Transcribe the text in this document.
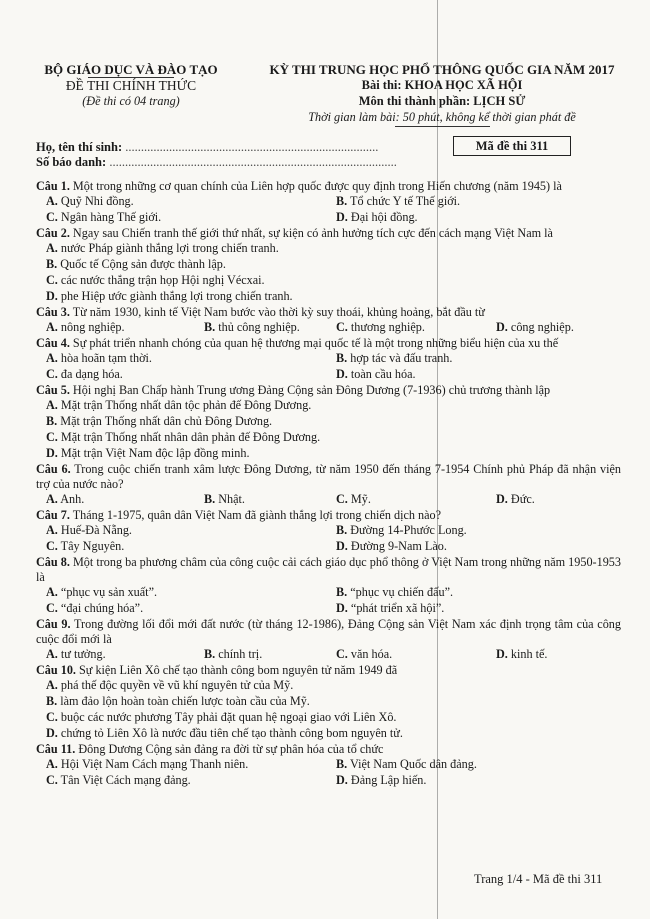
BỘ GIÁO DỤC VÀ ĐÀO TẠO
ĐỀ THI CHÍNH THỨC
(Đề thi có 04 trang)
KỲ THI TRUNG HỌC PHỔ THÔNG QUỐC GIA NĂM 2017
Bài thi: KHOA HỌC XÃ HỘI
Môn thi thành phần: LỊCH SỬ
Thời gian làm bài: 50 phút, không kể thời gian phát đề
Họ, tên thí sinh: .................................................................................
Số báo danh: ............................................................................................
Mã đề thi 311
Câu 1. Một trong những cơ quan chính của Liên hợp quốc được quy định trong Hiến chương (năm 1945) là
A. Quỹ Nhi đồng.	B. Tổ chức Y tế Thế giới.
C. Ngân hàng Thế giới.	D. Đại hội đồng.
Câu 2. Ngay sau Chiến tranh thế giới thứ nhất, sự kiện có ảnh hưởng tích cực đến cách mạng Việt Nam là
A. nước Pháp giành thắng lợi trong chiến tranh.
B. Quốc tế Cộng sản được thành lập.
C. các nước thắng trận họp Hội nghị Vécxai.
D. phe Hiệp ước giành thắng lợi trong chiến tranh.
Câu 3. Từ năm 1930, kinh tế Việt Nam bước vào thời kỳ suy thoái, khủng hoảng, bắt đầu từ
A. nông nghiệp.	B. thủ công nghiệp.	C. thương nghiệp.	D. công nghiệp.
Câu 4. Sự phát triển nhanh chóng của quan hệ thương mại quốc tế là một trong những biểu hiện của xu thế
A. hòa hoãn tạm thời.	B. hợp tác và đấu tranh.
C. đa dạng hóa.	D. toàn cầu hóa.
Câu 5. Hội nghị Ban Chấp hành Trung ương Đảng Cộng sản Đông Dương (7-1936) chủ trương thành lập
A. Mặt trận Thống nhất dân tộc phản đế Đông Dương.
B. Mặt trận Thống nhất dân chủ Đông Dương.
C. Mặt trận Thống nhất nhân dân phản đế Đông Dương.
D. Mặt trận Việt Nam độc lập đồng minh.
Câu 6. Trong cuộc chiến tranh xâm lược Đông Dương, từ năm 1950 đến tháng 7-1954 Chính phủ Pháp đã nhận viện trợ của nước nào?
A. Anh.	B. Nhật.	C. Mỹ.	D. Đức.
Câu 7. Tháng 1-1975, quân dân Việt Nam đã giành thắng lợi trong chiến dịch nào?
A. Huế-Đà Nẵng.	B. Đường 14-Phước Long.
C. Tây Nguyên.	D. Đường 9-Nam Lào.
Câu 8. Một trong ba phương châm của công cuộc cải cách giáo dục phổ thông ở Việt Nam trong những năm 1950-1953 là
A. “phục vụ sản xuất”.	B. “phục vụ chiến đấu”.
C. “đại chúng hóa”.	D. “phát triển xã hội”.
Câu 9. Trong đường lối đổi mới đất nước (từ tháng 12-1986), Đảng Cộng sản Việt Nam xác định trọng tâm của công cuộc đổi mới là
A. tư tưởng.	B. chính trị.	C. văn hóa.	D. kinh tế.
Câu 10. Sự kiện Liên Xô chế tạo thành công bom nguyên tử năm 1949 đã
A. phá thế độc quyền về vũ khí nguyên tử của Mỹ.
B. làm đảo lộn hoàn toàn chiến lược toàn cầu của Mỹ.
C. buộc các nước phương Tây phải đặt quan hệ ngoại giao với Liên Xô.
D. chứng tỏ Liên Xô là nước đầu tiên chế tạo thành công bom nguyên tử.
Câu 11. Đông Dương Cộng sản đảng ra đời từ sự phân hóa của tổ chức
A. Hội Việt Nam Cách mạng Thanh niên.	B. Việt Nam Quốc dân đảng.
C. Tân Việt Cách mạng đảng.	D. Đảng Lập hiến.
Trang 1/4 - Mã đề thi 311
